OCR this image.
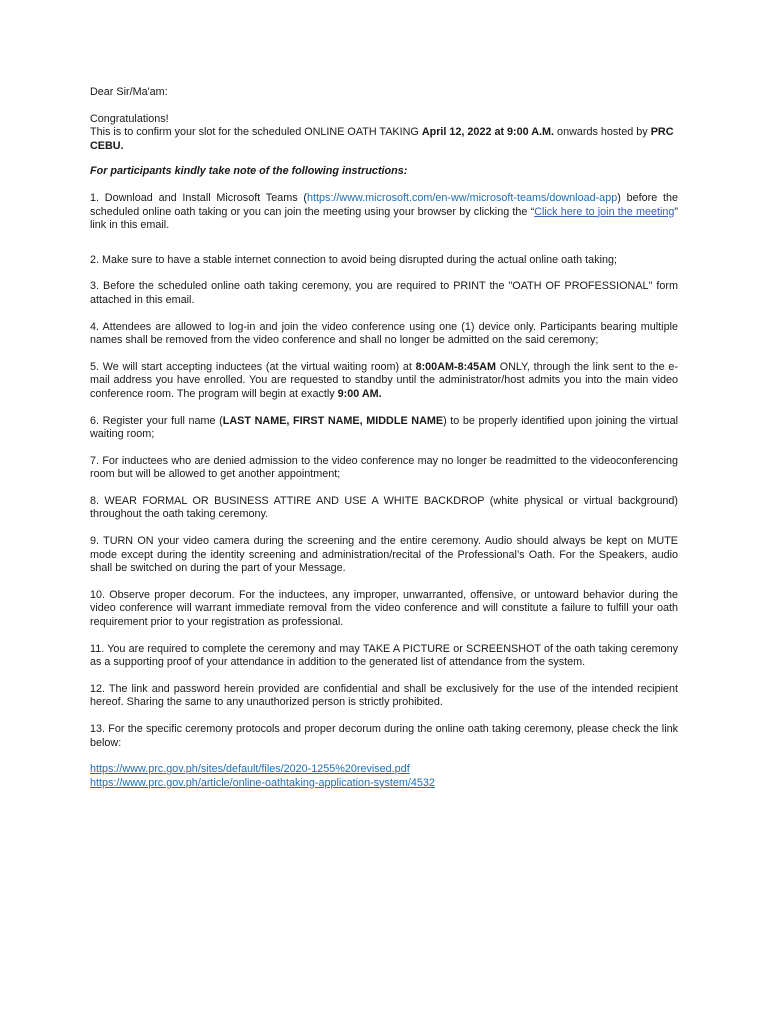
Dear Sir/Ma'am:

Congratulations!

This is to confirm your slot for the scheduled ONLINE OATH TAKING April 12, 2022 at 9:00 A.M. onwards hosted by PRC CEBU.

For participants kindly take note of the following instructions:

1. Download and Install Microsoft Teams (https://www.microsoft.com/en-ww/microsoft-teams/download-app) before the scheduled online oath taking or you can join the meeting using your browser by clicking the “Click here to join the meeting” link in this email.

2. Make sure to have a stable internet connection to avoid being disrupted during the actual online oath taking;

3. Before the scheduled online oath taking ceremony, you are required to PRINT the "OATH OF PROFESSIONAL" form attached in this email.

4. Attendees are allowed to log-in and join the video conference using one (1) device only. Participants bearing multiple names shall be removed from the video conference and shall no longer be admitted on the said ceremony;

5. We will start accepting inductees (at the virtual waiting room) at 8:00AM-8:45AM ONLY, through the link sent to the e-mail address you have enrolled. You are requested to standby until the administrator/host admits you into the main video conference room. The program will begin at exactly 9:00 AM.

6. Register your full name (LAST NAME, FIRST NAME, MIDDLE NAME) to be properly identified upon joining the virtual waiting room;

7. For inductees who are denied admission to the video conference may no longer be readmitted to the videoconferencing room but will be allowed to get another appointment;

8. WEAR FORMAL OR BUSINESS ATTIRE AND USE A WHITE BACKDROP (white physical or virtual background) throughout the oath taking ceremony.

9. TURN ON your video camera during the screening and the entire ceremony. Audio should always be kept on MUTE mode except during the identity screening and administration/recital of the Professional’s Oath. For the Speakers, audio shall be switched on during the part of your Message.

10. Observe proper decorum. For the inductees, any improper, unwarranted, offensive, or untoward behavior during the video conference will warrant immediate removal from the video conference and will constitute a failure to fulfill your oath requirement prior to your registration as professional.

11. You are required to complete the ceremony and may TAKE A PICTURE or SCREENSHOT of the oath taking ceremony as a supporting proof of your attendance in addition to the generated list of attendance from the system.

12. The link and password herein provided are confidential and shall be exclusively for the use of the intended recipient hereof. Sharing the same to any unauthorized person is strictly prohibited.

13. For the specific ceremony protocols and proper decorum during the online oath taking ceremony, please check the link below:

https://www.prc.gov.ph/sites/default/files/2020-1255%20revised.pdf
https://www.prc.gov.ph/article/online-oathtaking-application-system/4532
